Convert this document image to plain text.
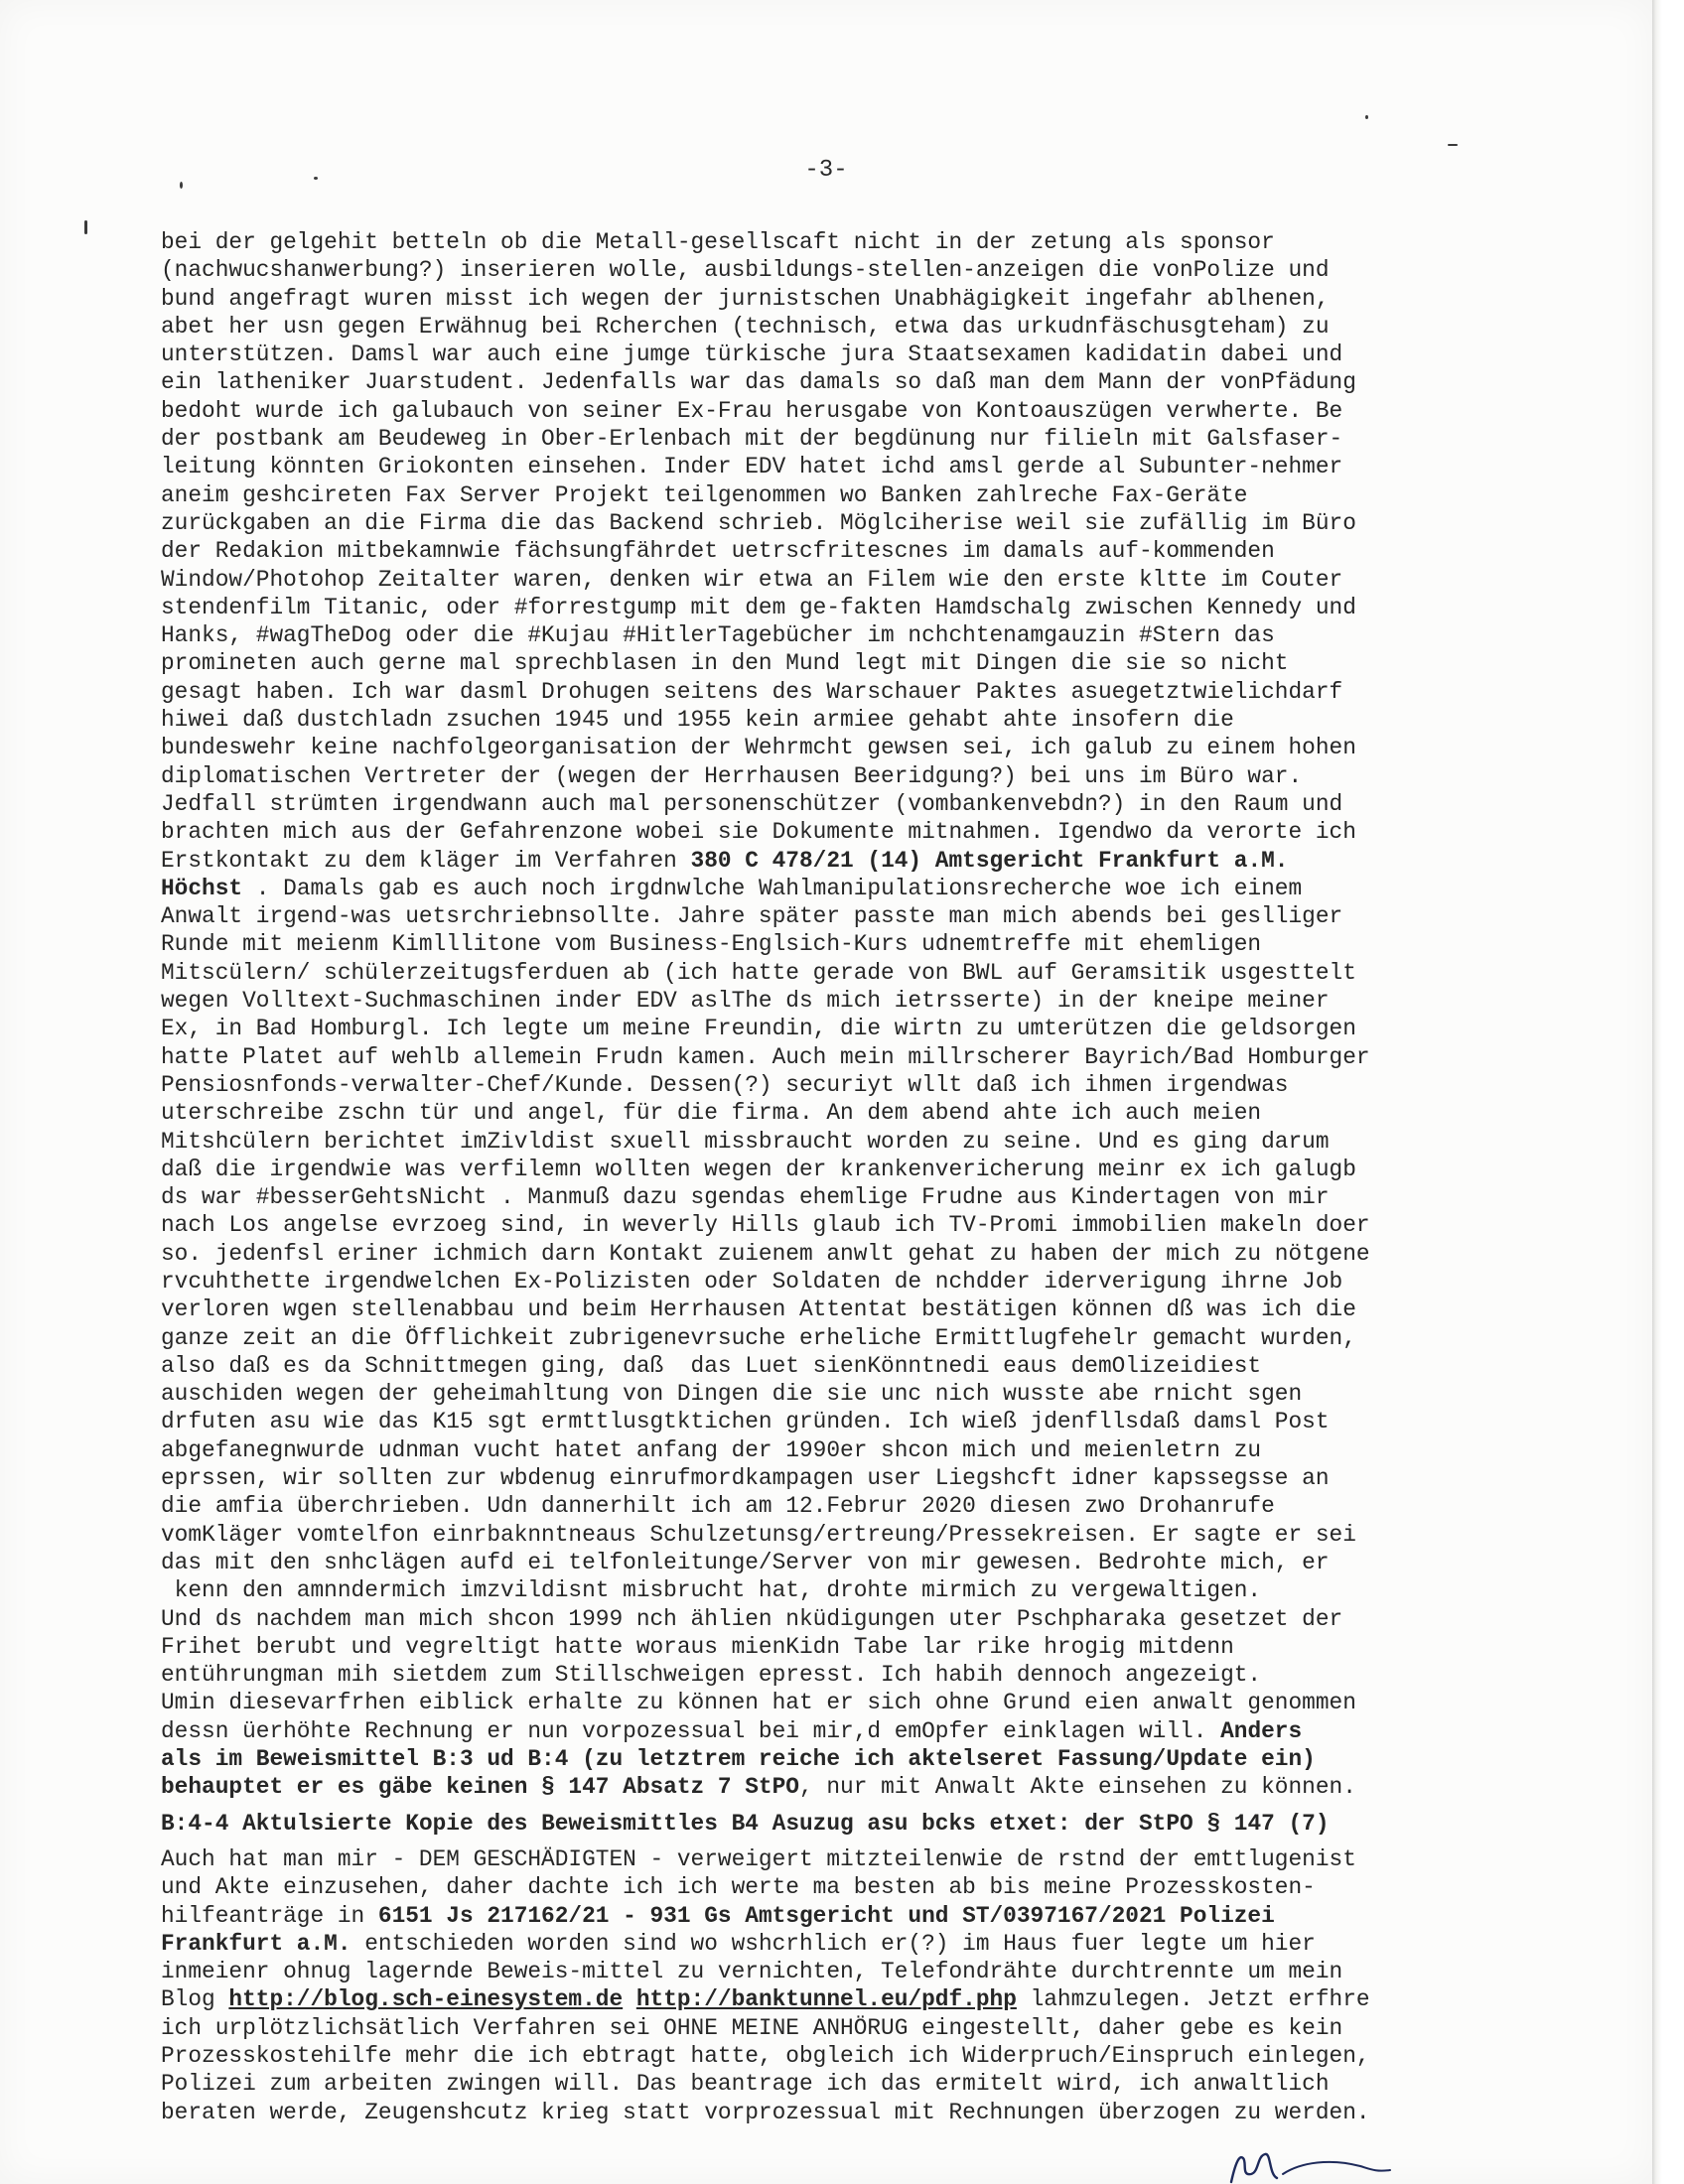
-3-
bei der gelgehit betteln ob die Metall-gesellscaft nicht in der zetung als sponsor
(nachwucshanwerbung?) inserieren wolle, ausbildungs-stellen-anzeigen die vonPolize und
bund angefragt wuren misst ich wegen der jurnistschen Unabhägigkeit ingefahr ablhenen,
abet her usn gegen Erwähnug bei Rcherchen (technisch, etwa das urkudnfäschusgteham) zu
unterstützen. Damsl war auch eine jumge türkische jura Staatsexamen kadidatin dabei und
ein latheniker Juarstudent. Jedenfalls war das damals so daß man dem Mann der vonPfädung
bedoht wurde ich galubauch von seiner Ex-Frau herusgabe von Kontoauszügen verwherte. Be
der postbank am Beudeweg in Ober-Erlenbach mit der begdünung nur filieln mit Galsfaser-
leitung könnten Griokonten einsehen. Inder EDV hatet ichd amsl gerde al Subunter-nehmer
aneim geshcireten Fax Server Projekt teilgenommen wo Banken zahlreche Fax-Geräte
zurückgaben an die Firma die das Backend schrieb. Möglciherise weil sie zufällig im Büro
der Redakion mitbekamnwie fächsungfährdet uetrscfritescnes im damals auf-kommenden
Window/Photohop Zeitalter waren, denken wir etwa an Filem wie den erste kltte im Couter
stendenfilm Titanic, oder #forrestgump mit dem ge-fakten Hamdschalg zwischen Kennedy und
Hanks, #wagTheDog oder die #Kujau #HitlerTagebücher im nchchtenamgauzin #Stern das
promineten auch gerne mal sprechblasen in den Mund legt mit Dingen die sie so nicht
gesagt haben. Ich war dasml Drohugen seitens des Warschauer Paktes asuegetztwielichdarf
hiwei daß dustchladn zsuchen 1945 und 1955 kein armiee gehabt ahte insofern die
bundeswehr keine nachfolgeorganisation der Wehrmcht gewsen sei, ich galub zu einem hohen
diplomatischen Vertreter der (wegen der Herrhausen Beeridgung?) bei uns im Büro war.
Jedfall strümten irgendwann auch mal personenschützer (vombankenvebdn?) in den Raum und
brachten mich aus der Gefahrenzone wobei sie Dokumente mitnahmen. Igendwo da verorte ich
Erstkontakt zu dem kläger im Verfahren 380 C 478/21 (14) Amtsgericht Frankfurt a.M.
Höchst . Damals gab es auch noch irgdnwlche Wahlmanipulationsrecherche woe ich einem
Anwalt irgend-was uetsrchriebnsollte. Jahre später passte man mich abends bei geslliger
Runde mit meienm Kimlllitone vom Business-Englsich-Kurs udnemtreffe mit ehemligen
Mitscülern/ schülerzeitugsferduen ab (ich hatte gerade von BWL auf Geramsitik usgesttelt
wegen Volltext-Suchmaschinen inder EDV aslThe ds mich ietrsserte) in der kneipe meiner
Ex, in Bad Homburgl. Ich legte um meine Freundin, die wirtn zu umterützen die geldsorgen
hatte Platet auf wehlb allemein Frudn kamen. Auch mein millrscherer Bayrich/Bad Homburger
Pensiosnfonds-verwalter-Chef/Kunde. Dessen(?) securiyt wllt daß ich ihmen irgendwas
uterschreibe zschn tür und angel, für die firma. An dem abend ahte ich auch meien
Mitshcülern berichtet imZivldist sxuell missbraucht worden zu seine. Und es ging darum
daß die irgendwie was verfilemn wollten wegen der krankenvericherung meinr ex ich galugb
ds war #besserGehtsNicht . Manmuß dazu sgendas ehemlige Frudne aus Kindertagen von mir
nach Los angelse evrzoeg sind, in weverly Hills glaub ich TV-Promi immobilien makeln doer
so. jedenfsl eriner ichmich darn Kontakt zuienem anwlt gehat zu haben der mich zu nötgene
rvcuhthette irgendwelchen Ex-Polizisten oder Soldaten de nchdder iderverigung ihrne Job
verloren wgen stellenabbau und beim Herrhausen Attentat bestätigen können dß was ich die
ganze zeit an die Öfflichkeit zubrigenevrsuche erheliche Ermittlugfehelr gemacht wurden,
also daß es da Schnittmegen ging, daß  das Luet sienKönntnedi eaus demOlizeidiest
auschiden wegen der geheimahltung von Dingen die sie unc nich wusste abe rnicht sgen
drfuten asu wie das K15 sgt ermttlusgtktichen gründen. Ich wieß jdenfllsdaß damsl Post
abgefanegnwurde udnman vucht hatet anfang der 1990er shcon mich und meienletrn zu
eprssen, wir sollten zur wbdenug einrufmordkampagen user Liegshcft idner kapssegsse an
die amfia überchrieben. Udn dannerhilt ich am 12.Februr 2020 diesen zwo Drohanrufe
vomKläger vomtelfon einrbaknntneaus Schulzetunsg/ertreung/Pressekreisen. Er sagte er sei
das mit den snhclägen aufd ei telfonleitunge/Server von mir gewesen. Bedrohte mich, er
kenn den amnndermich imzvildisnt misbrucht hat, drohte mirmich zu vergewaltigen.
Und ds nachdem man mich shcon 1999 nch ählien nküdigungen uter Pschpharaka gesetzet der
Frihet berubt und vegreltigt hatte woraus mienKidn Tabe lar rike hrogig mitdenn
entührungman mih sietdem zum Stillschweigen epresst. Ich habih dennoch angezeigt.
Umin diesevarfrhen eiblick erhalte zu können hat er sich ohne Grund eien anwalt genommen
dessn üerhöhte Rechnung er nun vorpozessual bei mir,d emOpfer einklagen will. Anders
als im Beweismittel B:3 ud B:4 (zu letztrem reiche ich aktelseret Fassung/Update ein)
behauptet er es gäbe keinen § 147 Absatz 7 StPO, nur mit Anwalt Akte einsehen zu können.
B:4-4 Aktulsierte Kopie des Beweismittles B4 Asuzug asu bcks etxet: der StPO § 147 (7)
Auch hat man mir - DEM GESCHÄDIGTEN - verweigert mitzteilenwie de rstnd der emttlugenist
und Akte einzusehen, daher dachte ich ich werte ma besten ab bis meine Prozesskosten-
hilfeanträge in 6151 Js 217162/21 - 931 Gs Amtsgericht und ST/0397167/2021 Polizei
Frankfurt a.M. entschieden worden sind wo wshcrhlich er(?) im Haus fuer legte um hier
inmeienr ohnug lagernde Beweis-mittel zu vernichten, Telefondrähte durchtrennte um mein
Blog http://blog.sch-einesystem.de http://banktunnel.eu/pdf.php lahmzulegen. Jetzt erfhre
ich urplötzlichsätlich Verfahren sei OHNE MEINE ANHÖRUG eingestellt, daher gebe es kein
Prozesskostehilfe mehr die ich ebtragt hatte, obgleich ich Widerpruch/Einspruch einlegen,
Polizei zum arbeiten zwingen will. Das beantrage ich das ermitelt wird, ich anwaltlich
beraten werde, Zeugenshcutz krieg statt vorprozessual mit Rechnungen überzogen zu werden.
